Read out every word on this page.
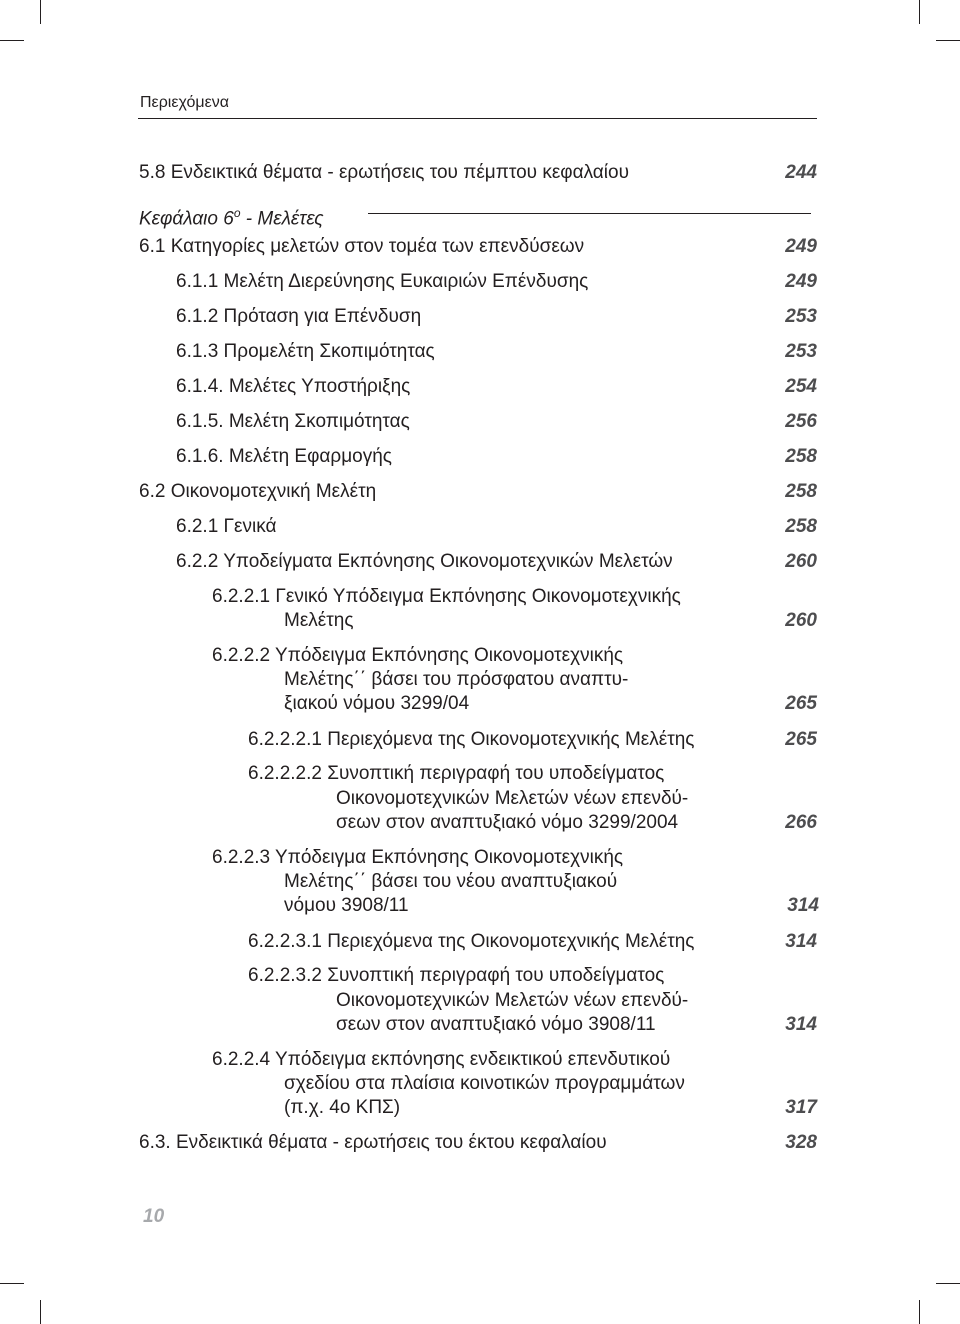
Περιεχόμενα
5.8 Ενδεικτικά θέματα - ερωτήσεις του πέμπτου κεφαλαίου	244
Κεφάλαιο $6^o$ - Μελέτες
6.1 Κατηγορίες μελετών στον τομέα των επενδύσεων	249
6.1.1 Μελέτη Διερεύνησης Ευκαιριών Επένδυσης	249
6.1.2 Πρόταση για Επένδυση	253
6.1.3 Προμελέτη Σκοπιμότητας	253
6.1.4. Μελέτες Υποστήριξης	254
6.1.5. Μελέτη Σκοπιμότητας	256
6.1.6. Μελέτη Εφαρμογής	258
6.2 Οικονομοτεχνική Μελέτη	258
6.2.1 Γενικά	258
6.2.2 Υποδείγματα Εκπόνησης Οικονομοτεχνικών Μελετών	260
6.2.2.1 Γενικό Υπόδειγμα Εκπόνησης Οικονομοτεχνικής
Μελέτης	260
6.2.2.2 Υπόδειγμα Εκπόνησης Οικονομοτεχνικής
Μελέτης΄΄ βάσει του πρόσφατου αναπτυ-
ξιακού νόμου 3299/04	265
6.2.2.2.1 Περιεχόμενα της Οικονομοτεχνικής Μελέτης	265
6.2.2.2.2 Συνοπτική περιγραφή του υποδείγματος
Οικονομοτεχνικών Μελετών νέων επενδύ-
σεων στον αναπτυξιακό νόμο 3299/2004	266
6.2.2.3 Υπόδειγμα Εκπόνησης Οικονομοτεχνικής
Μελέτης΄΄ βάσει του νέου αναπτυξιακού
νόμου 3908/11	314
6.2.2.3.1 Περιεχόμενα της Οικονομοτεχνικής Μελέτης	314
6.2.2.3.2 Συνοπτική περιγραφή του υποδείγματος
Οικονομοτεχνικών Μελετών νέων επενδύ-
σεων στον αναπτυξιακό νόμο 3908/11	314
6.2.2.4 Υπόδειγμα εκπόνησης ενδεικτικού επενδυτικού
σχεδίου στα πλαίσια κοινοτικών προγραμμάτων
(π.χ. 4ο ΚΠΣ)	317
6.3. Ενδεικτικά θέματα - ερωτήσεις του έκτου κεφαλαίου	328
10
